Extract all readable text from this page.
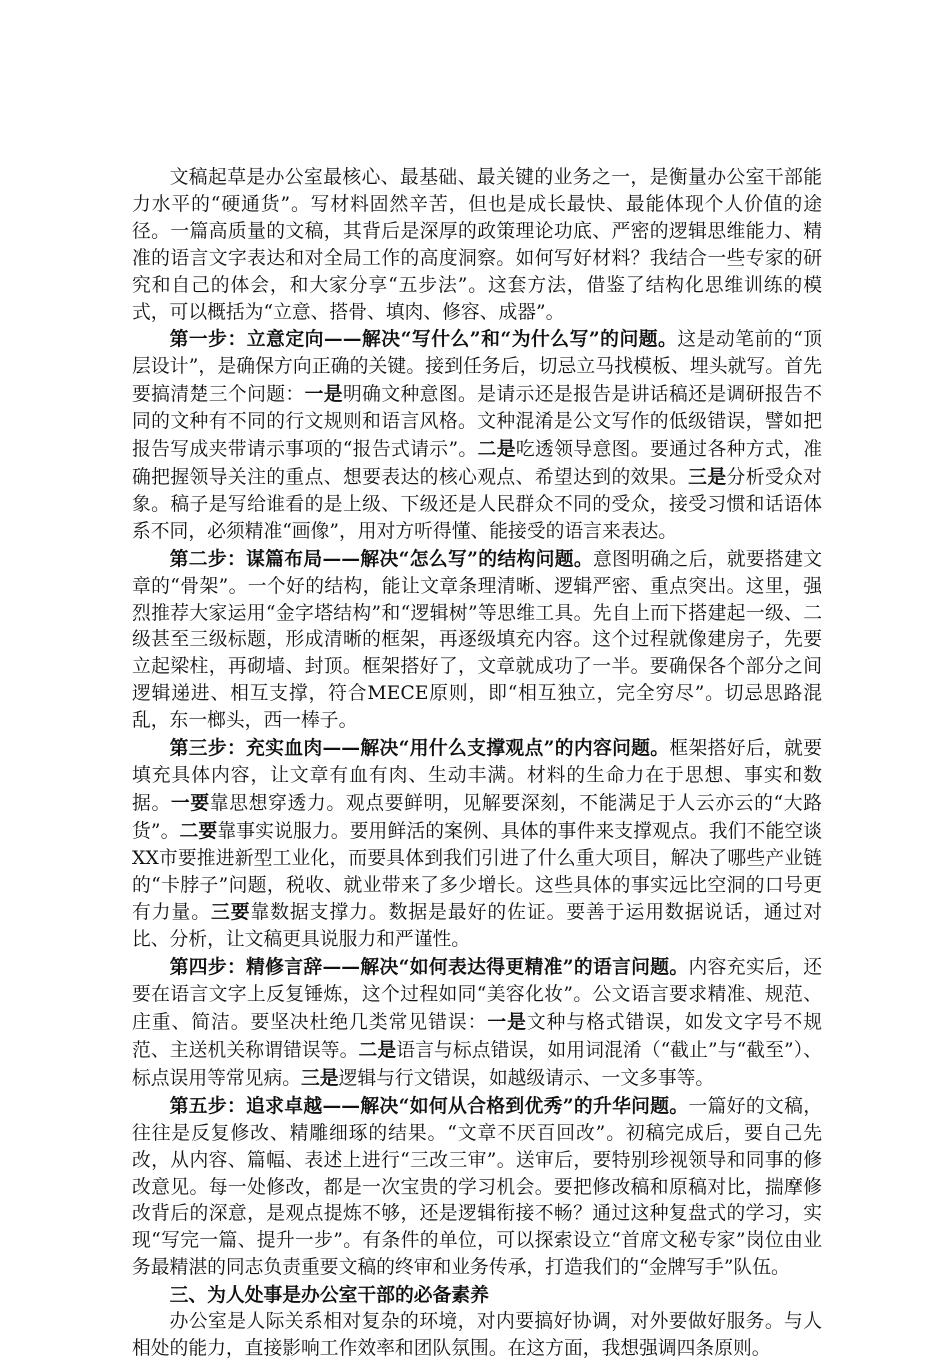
文稿起草是办公室最核心、最基础、最关键的业务之一，是衡量办公室干部能力水平的“硬通货”。写材料固然辛苦，但也是成长最快、最能体现个人价值的途径。一篇高质量的文稿，其背后是深厚的政策理论功底、严密的逻辑思维能力、精准的语言文字表达和对全局工作的高度洞察。如何写好材料？我结合一些专家的研究和自己的体会，和大家分享“五步法”。这套方法，借鉴了结构化思维训练的模式，可以概括为“立意、搭骨、填肉、修容、成器”。

第一步：立意定向——解决“写什么”和“为什么写”的问题。这是动笔前的“顶层设计”，是确保方向正确的关键。接到任务后，切忌立马找模板、埋头就写。首先要搞清楚三个问题：一是明确文种意图。是请示还是报告是讲话稿还是调研报告不同的文种有不同的行文规则和语言风格。文种混淆是公文写作的低级错误，譬如把报告写成夹带请示事项的“报告式请示”。二是吃透领导意图。要通过各种方式，准确把握领导关注的重点、想要表达的核心观点、希望达到的效果。三是分析受众对象。稿子是写给谁看的是上级、下级还是人民群众不同的受众，接受习惯和话语体系不同，必须精准“画像”，用对方听得懂、能接受的语言来表达。

第二步：谋篇布局——解决“怎么写”的结构问题。意图明确之后，就要搭建文章的“骨架”。一个好的结构，能让文章条理清晰、逻辑严密、重点突出。这里，强烈推荐大家运用“金字塔结构”和“逻辑树”等思维工具。先自上而下搭建起一级、二级甚至三级标题，形成清晰的框架，再逐级填充内容。这个过程就像建房子，先要立起梁柱，再砌墙、封顶。框架搭好了，文章就成功了一半。要确保各个部分之间逻辑递进、相互支撑，符合MECE原则，即“相互独立，完全穷尽”。切忌思路混乱，东一榔头，西一棒子。

第三步：充实血肉——解决“用什么支撑观点”的内容问题。框架搭好后，就要填充具体内容，让文章有血有肉、生动丰满。材料的生命力在于思想、事实和数据。一要靠思想穿透力。观点要鲜明，见解要深刻，不能满足于人云亦云的“大路货”。二要靠事实说服力。要用鲜活的案例、具体的事件来支撑观点。我们不能空谈XX市要推进新型工业化，而要具体到我们引进了什么重大项目，解决了哪些产业链的“卡脖子”问题，税收、就业带来了多少增长。这些具体的事实远比空洞的口号更有力量。三要靠数据支撑力。数据是最好的佐证。要善于运用数据说话，通过对比、分析，让文稿更具说服力和严谨性。

第四步：精修言辞——解决“如何表达得更精准”的语言问题。内容充实后，还要在语言文字上反复锤炼，这个过程如同“美容化妆”。公文语言要求精准、规范、庄重、简洁。要坚决杜绝几类常见错误：一是文种与格式错误，如发文字号不规范、主送机关称谓错误等。二是语言与标点错误，如用词混淆（“截止”与“截至”）、标点误用等常见病。三是逻辑与行文错误，如越级请示、一文多事等。

第五步：追求卓越——解决“如何从合格到优秀”的升华问题。一篇好的文稿，往往是反复修改、精雕细琢的结果。“文章不厌百回改”。初稿完成后，要自己先改，从内容、篇幅、表述上进行“三改三审”。送审后，要特别珍视领导和同事的修改意见。每一处修改，都是一次宝贵的学习机会。要把修改稿和原稿对比，揣摩修改背后的深意，是观点提炼不够，还是逻辑衔接不畅？通过这种复盘式的学习，实现“写完一篇、提升一步”。有条件的单位，可以探索设立“首席文秘专家”岗位由业务最精湛的同志负责重要文稿的终审和业务传承，打造我们的“金牌写手”队伍。

三、为人处事是办公室干部的必备素养

办公室是人际关系相对复杂的环境，对内要搞好协调，对外要做好服务。与人相处的能力，直接影响工作效率和团队氛围。在这方面，我想强调四条原则。
